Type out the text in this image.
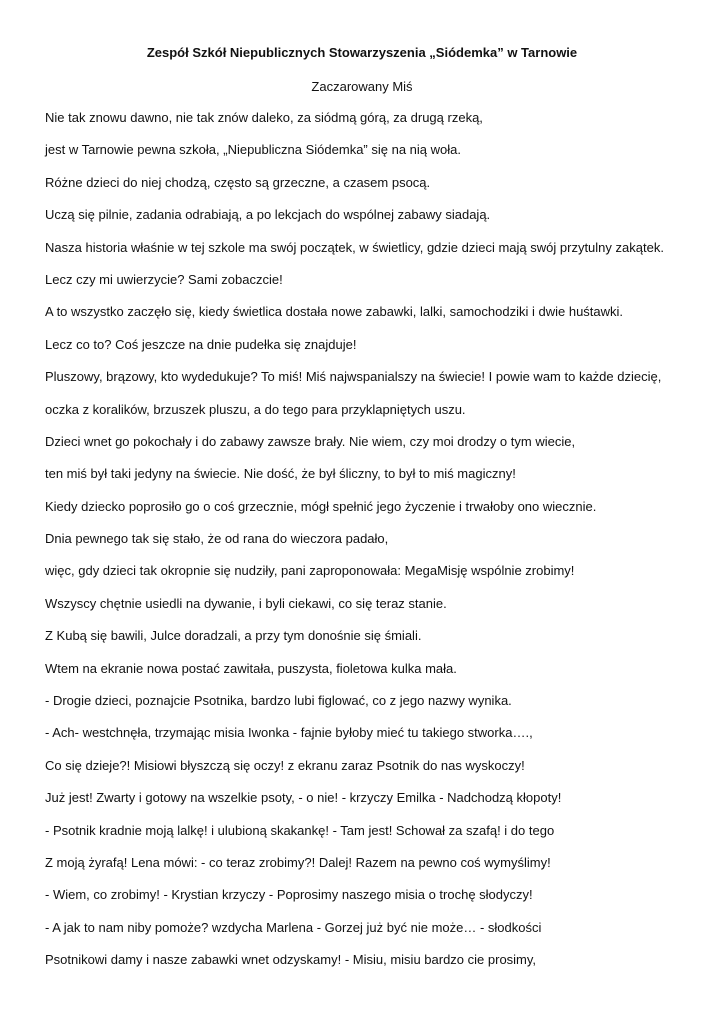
Zespół Szkół Niepublicznych Stowarzyszenia „Siódemka” w Tarnowie
Zaczarowany Miś
Nie tak znowu dawno, nie tak znów daleko, za siódmą górą, za drugą rzeką,
jest w Tarnowie pewna szkoła, „Niepubliczna Siódemka” się na nią woła.
Różne dzieci do niej chodzą, często są grzeczne, a czasem psocą.
Uczą się pilnie, zadania odrabiają, a po lekcjach do wspólnej zabawy siadają.
Nasza historia właśnie w tej szkole ma swój początek, w świetlicy, gdzie dzieci mają swój przytulny zakątek.
Lecz czy mi uwierzycie? Sami zobaczcie!
A to wszystko zaczęło się, kiedy świetlica dostała nowe zabawki, lalki, samochodziki i dwie huśtawki.
Lecz co to? Coś jeszcze na dnie pudełka się znajduje!
Pluszowy, brązowy, kto wydedukuje? To miś! Miś najwspanialszy na świecie! I powie wam to każde dziecię,
oczka z koralików, brzuszek pluszu, a do tego para przyklapniętych uszu.
Dzieci wnet go pokochały i do zabawy zawsze brały. Nie wiem, czy moi drodzy o tym wiecie,
ten miś był taki jedyny na świecie. Nie dość, że był śliczny, to był to miś magiczny!
Kiedy dziecko poprosiło go o coś grzecznie, mógł spełnić jego życzenie i trwałoby ono wiecznie.
Dnia pewnego tak się stało, że od rana do wieczora padało,
więc, gdy dzieci tak okropnie się nudziły, pani zaproponowała: MegaMisję wspólnie zrobimy!
Wszyscy chętnie usiedli na dywanie, i byli ciekawi, co się teraz stanie.
Z Kubą się bawili, Julce doradzali, a przy tym donośnie się śmiali.
Wtem na ekranie nowa postać zawitała, puszysta, fioletowa kulka mała.
- Drogie dzieci, poznajcie Psotnika, bardzo lubi figlować, co z jego nazwy wynika.
- Ach- westchnęła, trzymając misia Iwonka - fajnie byłoby mieć tu takiego stworka….,
Co się dzieje?! Misiowi błyszczą się oczy! z ekranu zaraz Psotnik do nas wyskoczy!
Już jest! Zwarty i gotowy na wszelkie psoty, - o nie! - krzyczy Emilka - Nadchodzą kłopoty!
- Psotnik kradnie moją lalkę! i ulubioną skakankę! - Tam jest! Schował za szafą! i do tego
Z moją żyrafą! Lena mówi: - co teraz zrobimy?! Dalej! Razem na pewno coś wymyślimy!
- Wiem, co zrobimy! - Krystian krzyczy - Poprosimy naszego misia o trochę słodyczy!
- A jak to nam niby pomoże? wzdycha Marlena - Gorzej już być nie może… - słodkości
Psotnikowi damy i nasze zabawki wnet odzyskamy! - Misiu, misiu bardzo cie prosimy,
